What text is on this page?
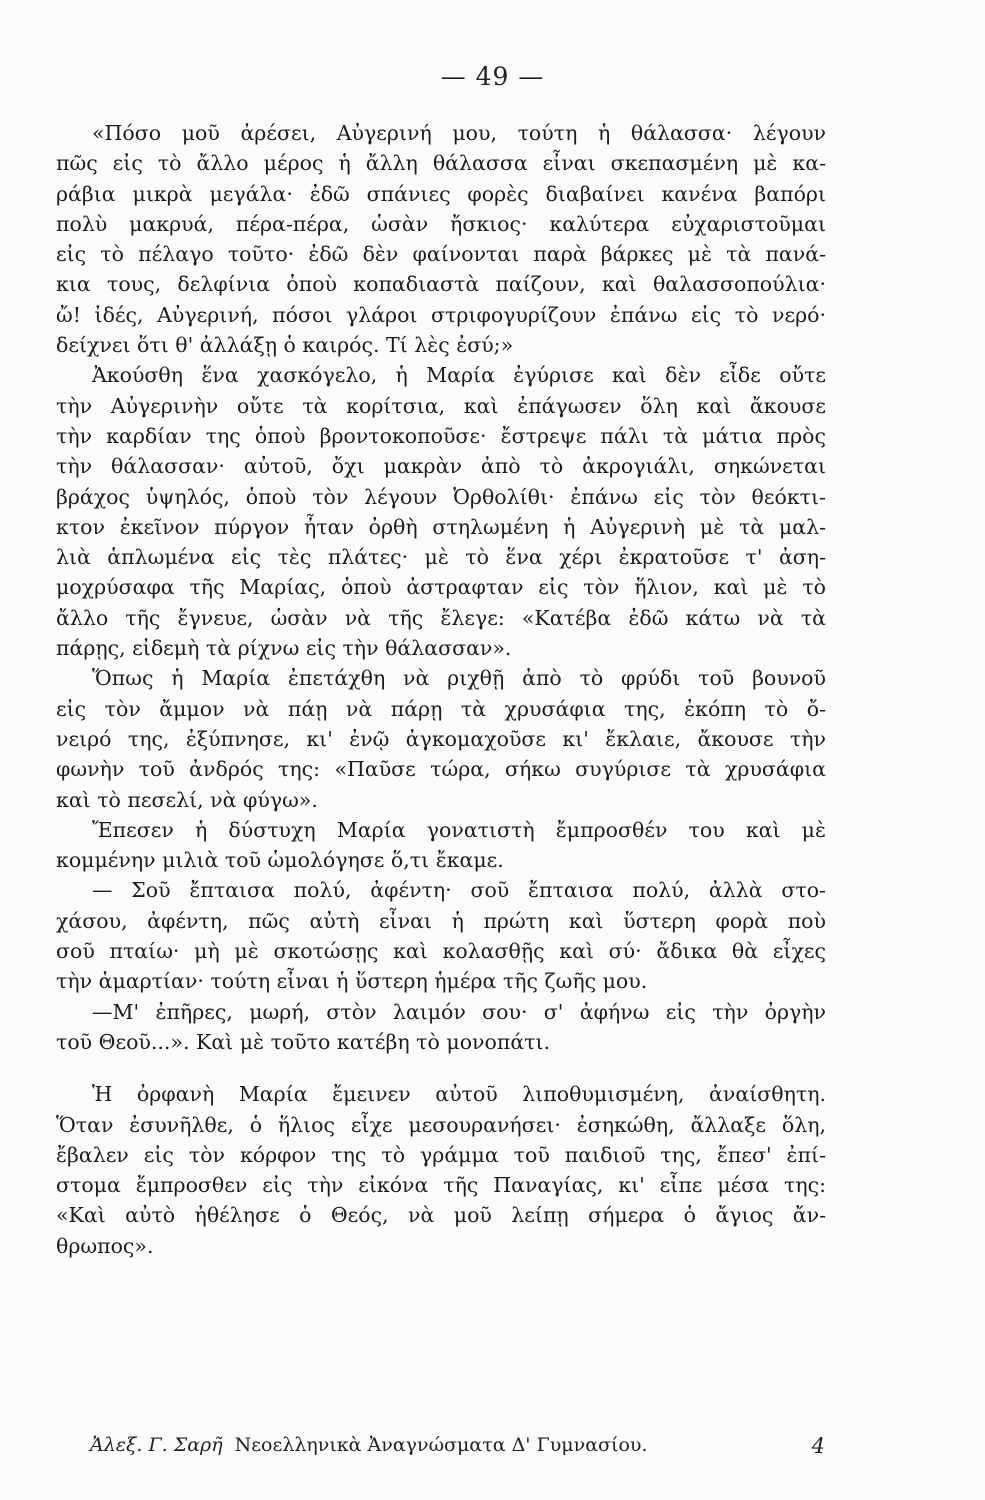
— 49 —
«Πόσο μοῦ ἀρέσει, Αὐγερινή μου, τούτη ἡ θάλασσα· λέγουν
πῶς εἰς τὸ ἄλλο μέρος ἡ ἄλλη θάλασσα εἶναι σκεπασμένη μὲ κα-
ράβια μικρὰ μεγάλα· ἐδῶ σπάνιες φορὲς διαβαίνει κανένα βαπόρι
πολὺ μακρυά, πέρα-πέρα, ὡσὰν ἤσκιος· καλύτερα εὐχαριστοῦμαι
εἰς τὸ πέλαγο τοῦτο· ἐδῶ δὲν φαίνονται παρὰ βάρκες μὲ τὰ πανά-
κια τους, δελφίνια ὁποὺ κοπαδιαστὰ παίζουν, καὶ θαλασσοπούλια·
ὤ! ἰδές, Αὐγερινή, πόσοι γλάροι στριφογυρίζουν ἐπάνω εἰς τὸ νερό·
δείχνει ὅτι θ' ἀλλάξῃ ὁ καιρός. Τί λὲς ἐσύ;»
Ἀκούσθη ἕνα χασκόγελο, ἡ Μαρία ἐγύρισε καὶ δὲν εἶδε οὔτε
τὴν Αὐγερινὴν οὔτε τὰ κορίτσια, καὶ ἐπάγωσεν ὅλη καὶ ἄκουσε
τὴν καρδίαν της ὁποὺ βροντοκοποῦσε· ἔστρεψε πάλι τὰ μάτια πρὸς
τὴν θάλασσαν· αὐτοῦ, ὄχι μακρὰν ἀπὸ τὸ ἀκρογιάλι, σηκώνεται
βράχος ὑψηλός, ὁποὺ τὸν λέγουν Ὀρθολίθι· ἐπάνω εἰς τὸν θεόκτι-
κτον ἐκεῖνον πύργον ἦταν ὀρθὴ στηλωμένη ἡ Αὐγερινὴ μὲ τὰ μαλ-
λιὰ ἁπλωμένα εἰς τὲς πλάτες· μὲ τὸ ἕνα χέρι ἐκρατοῦσε τ' ἀση-
μοχρύσαφα τῆς Μαρίας, ὁποὺ ἀστραφταν εἰς τὸν ἥλιον, καὶ μὲ τὸ
ἄλλο τῆς ἔγνευε, ὡσὰν νὰ τῆς ἔλεγε: «Κατέβα ἐδῶ κάτω νὰ τὰ
πάρῃς, εἰδεμὴ τὰ ρίχνω εἰς τὴν θάλασσαν».
Ὅπως ἡ Μαρία ἐπετάχθη νὰ ριχθῇ ἀπὸ τὸ φρύδι τοῦ βουνοῦ
εἰς τὸν ἄμμον νὰ πάῃ νὰ πάρῃ τὰ χρυσάφια της, ἐκόπη τὸ ὄ-
νειρό της, ἐξύπνησε, κι' ἐνῷ ἀγκομαχοῦσε κι' ἔκλαιε, ἄκουσε τὴν
φωνὴν τοῦ ἀνδρός της: «Παῦσε τώρα, σήκω συγύρισε τὰ χρυσάφια
καὶ τὸ πεσελί, νὰ φύγω».
Ἔπεσεν ἡ δύστυχη Μαρία γονατιστὴ ἔμπροσθέν του καὶ μὲ
κομμένην μιλιὰ τοῦ ὡμολόγησε ὅ,τι ἔκαμε.
— Σοῦ ἔπταισα πολύ, ἀφέντη· σοῦ ἔπταισα πολύ, ἀλλὰ στο-
χάσου, ἀφέντη, πῶς αὐτὴ εἶναι ἡ πρώτη καὶ ὕστερη φορὰ ποὺ
σοῦ πταίω· μὴ μὲ σκοτώσῃς καὶ κολασθῇς καὶ σύ· ἄδικα θὰ εἶχες
τὴν ἁμαρτίαν· τούτη εἶναι ἡ ὕστερη ἡμέρα τῆς ζωῆς μου.
—Μ' ἐπῆρες, μωρή, στὸν λαιμόν σου· σ' ἀφήνω εἰς τὴν ὀργὴν
τοῦ Θεοῦ...». Καὶ μὲ τοῦτο κατέβη τὸ μονοπάτι.
Ἡ ὀρφανὴ Μαρία ἔμεινεν αὐτοῦ λιποθυμισμένη, ἀναίσθητη.
Ὅταν ἐσυνῆλθε, ὁ ἥλιος εἶχε μεσουρανήσει· ἐσηκώθη, ἄλλαξε ὅλη,
ἔβαλεν εἰς τὸν κόρφον της τὸ γράμμα τοῦ παιδιοῦ της, ἔπεσ' ἐπί-
στομα ἔμπροσθεν εἰς τὴν εἰκόνα τῆς Παναγίας, κι' εἶπε μέσα της:
«Καὶ αὐτὸ ἠθέλησε ὁ Θεός, νὰ μοῦ λείπῃ σήμερα ὁ ἄγιος ἄν-
θρωπος».
Ἀλεξ. Γ. Σαρῆ Νεοελληνικὰ Ἀναγνώσματα Δ' Γυμνασίου.	4
